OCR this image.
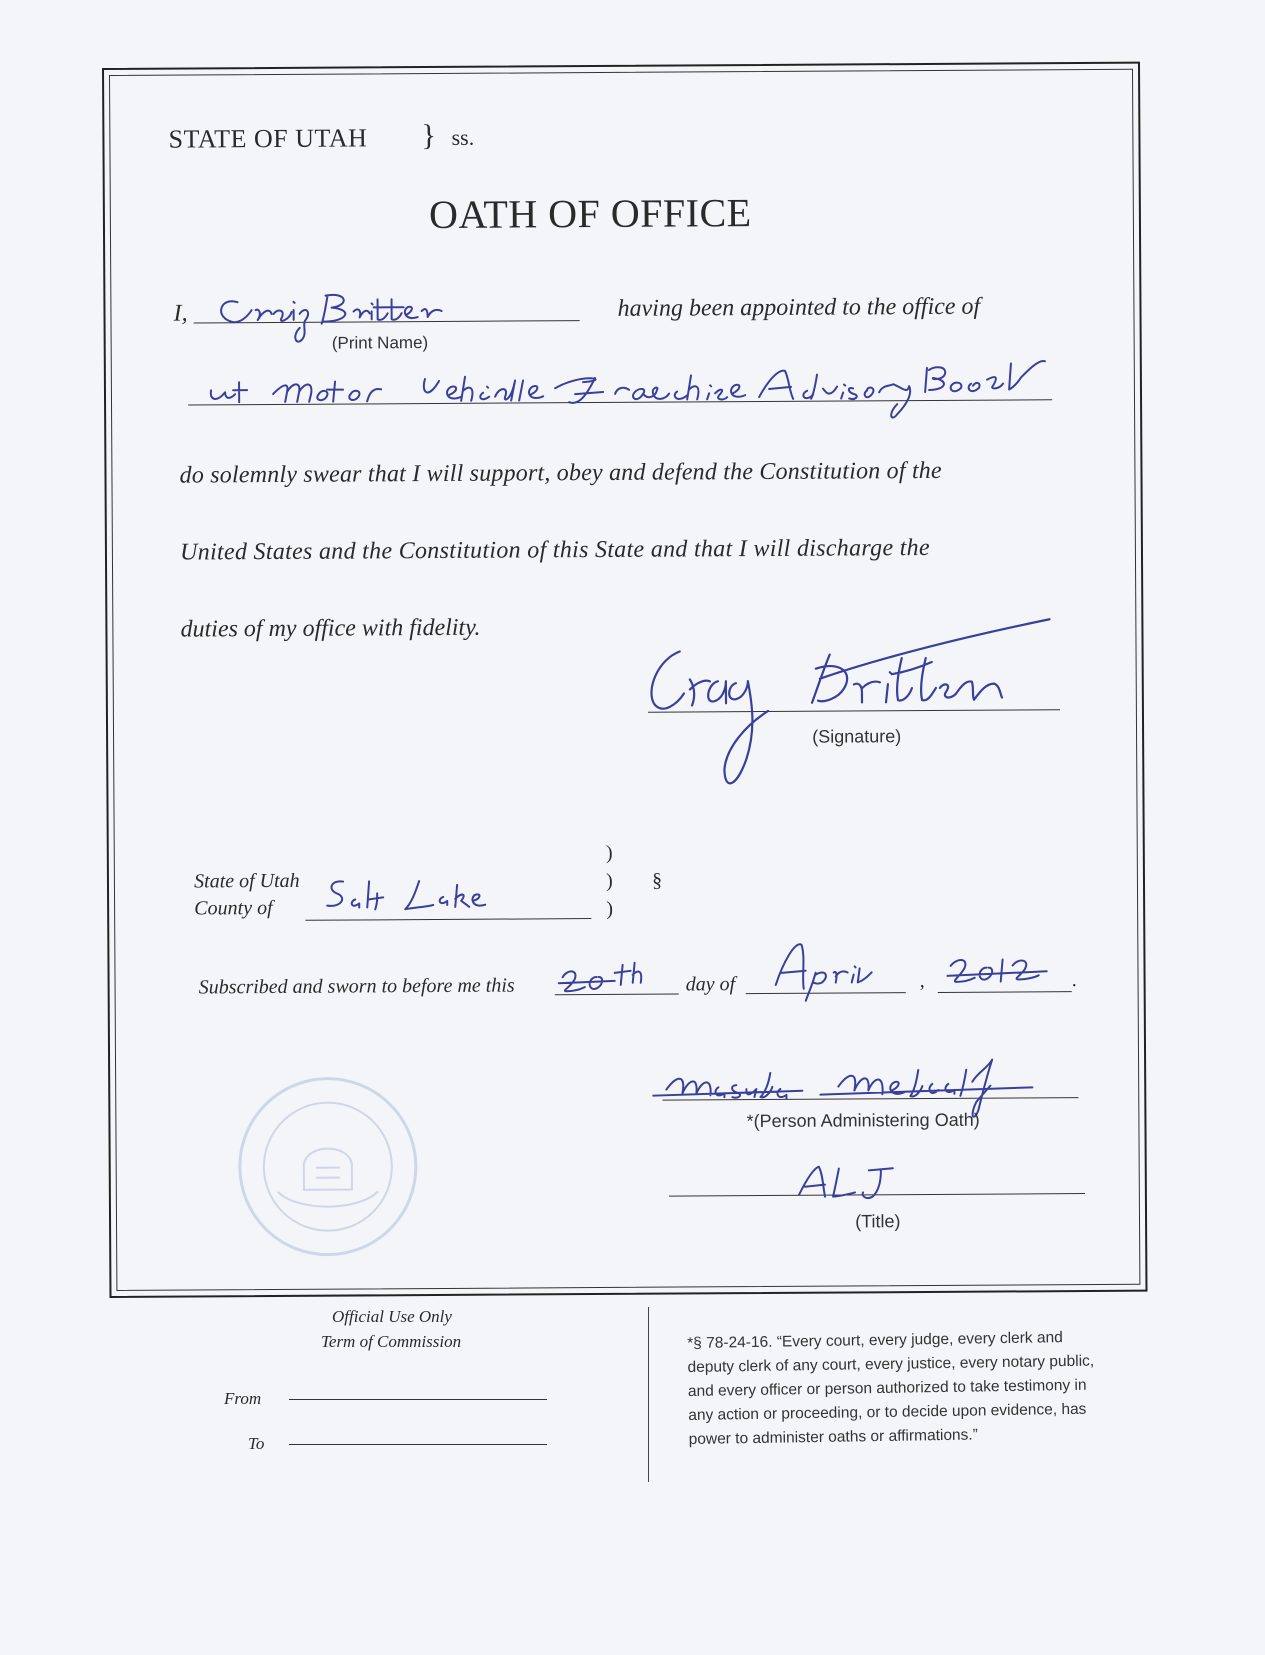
STATE OF UTAH } ss.
OATH OF OFFICE
I,
(Print Name)
having been appointed to the office of
do solemnly swear that I will support, obey and defend the Constitution of the
United States and the Constitution of this State and that I will discharge the
duties of my office with fidelity.
(Signature)
State of Utah
County of
)
)
)
§
Subscribed and sworn to before me this	day of	,	.
*(Person Administering Oath)
(Title)
Official Use Only
Term of Commission
From
To
*§ 78-24-16. “Every court, every judge, every clerk and
deputy clerk of any court, every justice, every notary public,
and every officer or person authorized to take testimony in
any action or proceeding, or to decide upon evidence, has
power to administer oaths or affirmations.”
